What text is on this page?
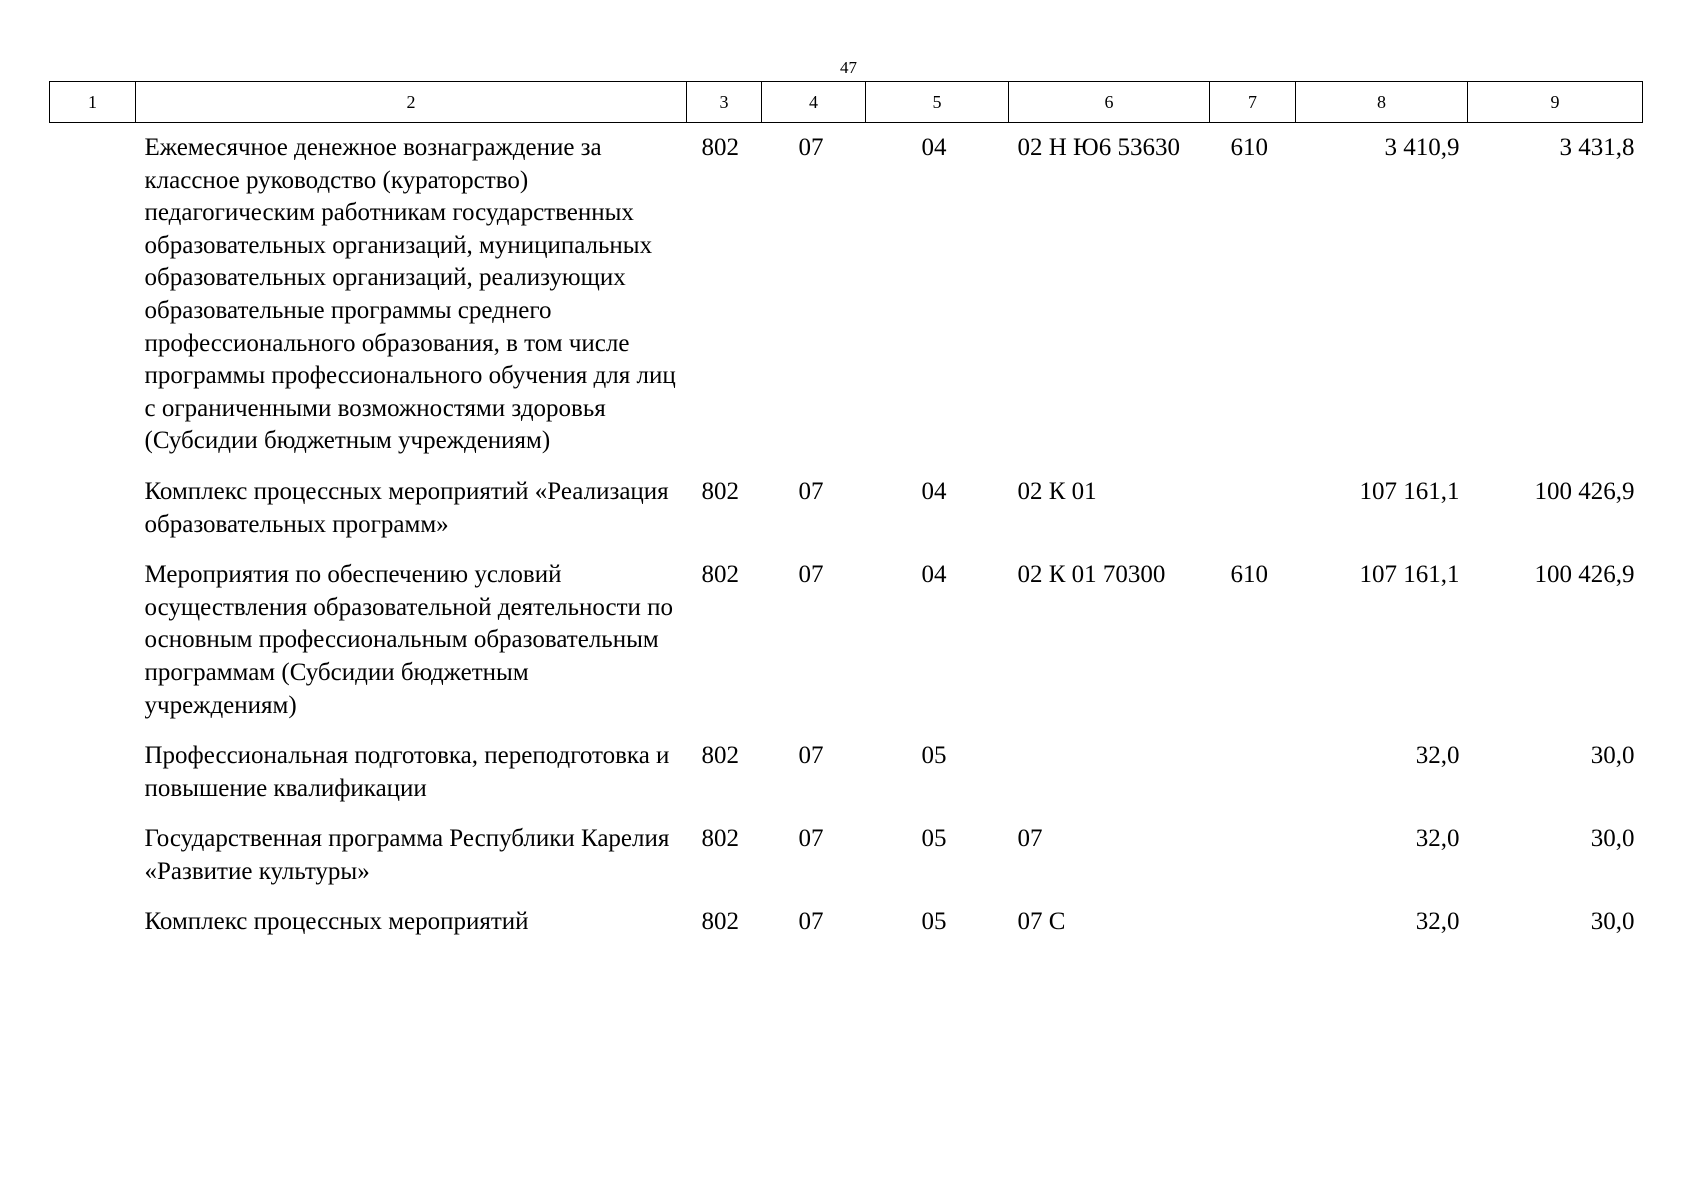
47
1	2	3	4	5	6	7	8	9
	Ежемесячное денежное вознаграждение за классное руководство (кураторство) педагогическим работникам государственных образовательных организаций, муниципальных образовательных организаций, реализующих образовательные программы среднего профессионального образования, в том числе программы профессионального обучения для лиц с ограниченными возможностями здоровья (Субсидии бюджетным учреждениям)	802	07	04	02 Н Ю6 53630	610	3 410,9	3 431,8
	Комплекс процессных мероприятий «Реализация образовательных программ»	802	07	04	02 К 01		107 161,1	100 426,9
	Мероприятия по обеспечению условий осуществления образовательной деятельности по основным профессиональным образовательным программам (Субсидии бюджетным учреждениям)	802	07	04	02 К 01 70300	610	107 161,1	100 426,9
	Профессиональная подготовка, переподготовка и повышение квалификации	802	07	05			32,0	30,0
	Государственная программа Республики Карелия «Развитие культуры»	802	07	05	07		32,0	30,0
	Комплекс процессных мероприятий	802	07	05	07 С		32,0	30,0
